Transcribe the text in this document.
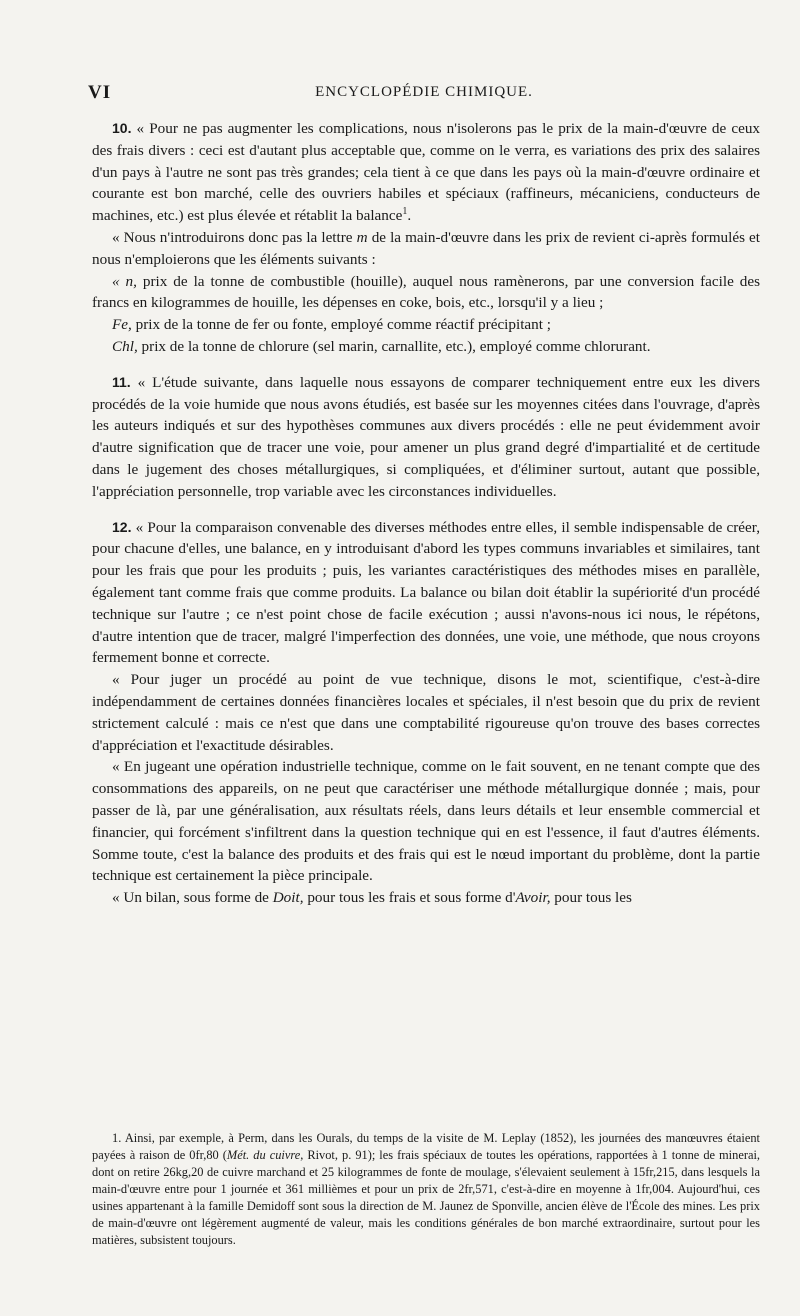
VI	ENCYCLOPÉDIE CHIMIQUE.

10. « Pour ne pas augmenter les complications, nous n'isolerons pas le prix de la main-d'œuvre de ceux des frais divers : ceci est d'autant plus acceptable que, comme on le verra, es variations des prix des salaires d'un pays à l'autre ne sont pas très grandes; cela tient à ce que dans les pays où la main-d'œuvre ordinaire et courante est bon marché, celle des ouvriers habiles et spéciaux (raffineurs, mécaniciens, conducteurs de machines, etc.) est plus élevée et rétablit la balance$^1$.

« Nous n'introduirons donc pas la lettre m de la main-d'œuvre dans les prix de revient ci-après formulés et nous n'emploierons que les éléments suivants :

« n, prix de la tonne de combustible (houille), auquel nous ramènerons, par une conversion facile des francs en kilogrammes de houille, les dépenses en coke, bois, etc., lorsqu'il y a lieu ;

Fe, prix de la tonne de fer ou fonte, employé comme réactif précipitant ;

Chl, prix de la tonne de chlorure (sel marin, carnallite, etc.), employé comme chlorurant.

11. « L'étude suivante, dans laquelle nous essayons de comparer techniquement entre eux les divers procédés de la voie humide que nous avons étudiés, est basée sur les moyennes citées dans l'ouvrage, d'après les auteurs indiqués et sur des hypothèses communes aux divers procédés : elle ne peut évidemment avoir d'autre signification que de tracer une voie, pour amener un plus grand degré d'impartialité et de certitude dans le jugement des choses métallurgiques, si compliquées, et d'éliminer surtout, autant que possible, l'appréciation personnelle, trop variable avec les circonstances individuelles.

12. « Pour la comparaison convenable des diverses méthodes entre elles, il semble indispensable de créer, pour chacune d'elles, une balance, en y introduisant d'abord les types communs invariables et similaires, tant pour les frais que pour les produits ; puis, les variantes caractéristiques des méthodes mises en parallèle, également tant comme frais que comme produits. La balance ou bilan doit établir la supériorité d'un procédé technique sur l'autre ; ce n'est point chose de facile exécution ; aussi n'avons-nous ici nous, le répétons, d'autre intention que de tracer, malgré l'imperfection des données, une voie, une méthode, que nous croyons fermement bonne et correcte.

« Pour juger un procédé au point de vue technique, disons le mot, scientifique, c'est-à-dire indépendamment de certaines données financières locales et spéciales, il n'est besoin que du prix de revient strictement calculé : mais ce n'est que dans une comptabilité rigoureuse qu'on trouve des bases correctes d'appréciation et l'exactitude désirables.

« En jugeant une opération industrielle technique, comme on le fait souvent, en ne tenant compte que des consommations des appareils, on ne peut que caractériser une méthode métallurgique donnée ; mais, pour passer de là, par une généralisation, aux résultats réels, dans leurs détails et leur ensemble commercial et financier, qui forcément s'infiltrent dans la question technique qui en est l'essence, il faut d'autres éléments. Somme toute, c'est la balance des produits et des frais qui est le nœud important du problème, dont la partie technique est certainement la pièce principale.

« Un bilan, sous forme de Doit, pour tous les frais et sous forme d'Avoir, pour tous les

1. Ainsi, par exemple, à Perm, dans les Ourals, du temps de la visite de M. Leplay (1852), les journées des manœuvres étaient payées à raison de 0fr,80 (Mét. du cuivre, Rivot, p. 91); les frais spéciaux de toutes les opérations, rapportées à 1 tonne de minerai, dont on retire 26kg,20 de cuivre marchand et 25 kilogrammes de fonte de moulage, s'élevaient seulement à 15fr,215, dans lesquels la main-d'œuvre entre pour 1 journée et 361 millièmes et pour un prix de 2fr,571, c'est-à-dire en moyenne à 1fr,004. Aujourd'hui, ces usines appartenant à la famille Demidoff sont sous la direction de M. Jaunez de Sponville, ancien élève de l'École des mines. Les prix de main-d'œuvre ont légèrement augmenté de valeur, mais les conditions générales de bon marché extraordinaire, surtout pour les matières, subsistent toujours.
